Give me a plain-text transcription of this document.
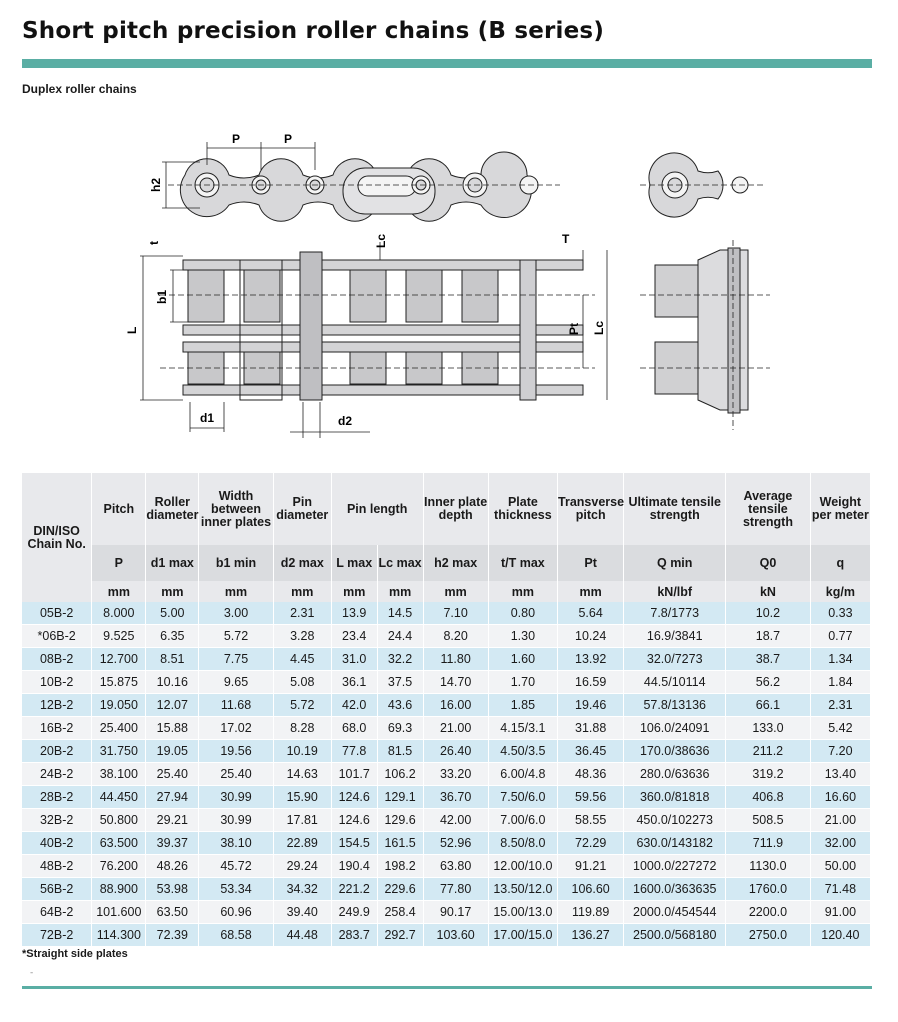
Short pitch precision roller chains (B series)
Duplex roller chains
P	P
h2
t	T
b1
Lc
L	Pt Lc
d1	d2
DIN/ISO Chain No.	Pitch	Roller diameter	Width between inner plates	Pin diameter	Pin length		Inner plate depth	Plate thickness	Transverse pitch	Ultimate tensile strength	Average tensile strength	Weight per meter
	P	d1 max	b1 min	d2 max	L max	Lc max	h2 max	t/T max	Pt	Q min	Q0	q
	mm	mm	mm	mm	mm	mm	mm	mm	mm	kN/lbf	kN	kg/m
05B-2	8.000	5.00	3.00	2.31	13.9	14.5	7.10	0.80	5.64	7.8/1773	10.2	0.33
*06B-2	9.525	6.35	5.72	3.28	23.4	24.4	8.20	1.30	10.24	16.9/3841	18.7	0.77
08B-2	12.700	8.51	7.75	4.45	31.0	32.2	11.80	1.60	13.92	32.0/7273	38.7	1.34
10B-2	15.875	10.16	9.65	5.08	36.1	37.5	14.70	1.70	16.59	44.5/10114	56.2	1.84
12B-2	19.050	12.07	11.68	5.72	42.0	43.6	16.00	1.85	19.46	57.8/13136	66.1	2.31
16B-2	25.400	15.88	17.02	8.28	68.0	69.3	21.00	4.15/3.1	31.88	106.0/24091	133.0	5.42
20B-2	31.750	19.05	19.56	10.19	77.8	81.5	26.40	4.50/3.5	36.45	170.0/38636	211.2	7.20
24B-2	38.100	25.40	25.40	14.63	101.7	106.2	33.20	6.00/4.8	48.36	280.0/63636	319.2	13.40
28B-2	44.450	27.94	30.99	15.90	124.6	129.1	36.70	7.50/6.0	59.56	360.0/81818	406.8	16.60
32B-2	50.800	29.21	30.99	17.81	124.6	129.6	42.00	7.00/6.0	58.55	450.0/102273	508.5	21.00
40B-2	63.500	39.37	38.10	22.89	154.5	161.5	52.96	8.50/8.0	72.29	630.0/143182	711.9	32.00
48B-2	76.200	48.26	45.72	29.24	190.4	198.2	63.80	12.00/10.0	91.21	1000.0/227272	1130.0	50.00
56B-2	88.900	53.98	53.34	34.32	221.2	229.6	77.80	13.50/12.0	106.60	1600.0/363635	1760.0	71.48
64B-2	101.600	63.50	60.96	39.40	249.9	258.4	90.17	15.00/13.0	119.89	2000.0/454544	2200.0	91.00
72B-2	114.300	72.39	68.58	44.48	283.7	292.7	103.60	17.00/15.0	136.27	2500.0/568180	2750.0	120.40
*Straight side plates
-
